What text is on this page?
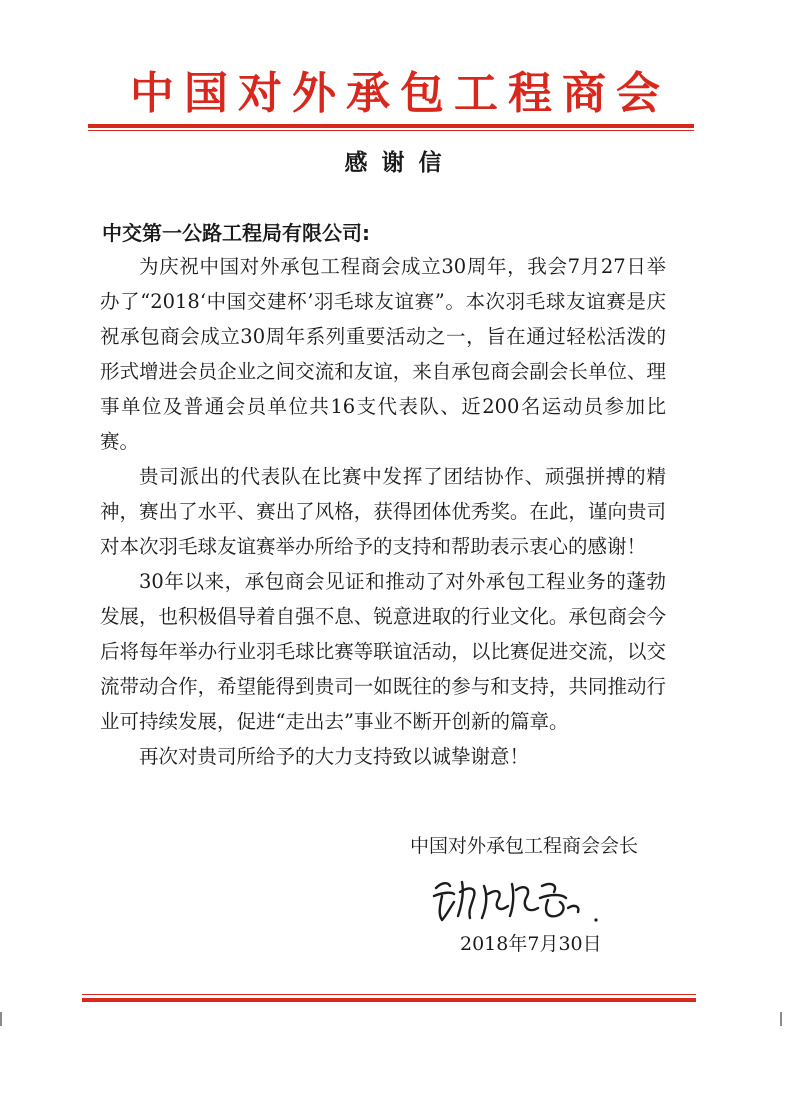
中国对外承包工程商会
感谢信
中交第一公路工程局有限公司:

为庆祝中国对外承包工程商会成立30周年，我会7月27日举办了“2018‘中国交建杯’羽毛球友谊赛”。本次羽毛球友谊赛是庆祝承包商会成立30周年系列重要活动之一，旨在通过轻松活泼的形式增进会员企业之间交流和友谊，来自承包商会副会长单位、理事单位及普通会员单位共16支代表队、近200名运动员参加比赛。

贵司派出的代表队在比赛中发挥了团结协作、顽强拼搏的精神，赛出了水平、赛出了风格，获得团体优秀奖。在此，谨向贵司对本次羽毛球友谊赛举办所给予的支持和帮助表示衷心的感谢！

30年以来，承包商会见证和推动了对外承包工程业务的蓬勃发展，也积极倡导着自强不息、锐意进取的行业文化。承包商会今后将每年举办行业羽毛球比赛等联谊活动，以比赛促进交流，以交流带动合作，希望能得到贵司一如既往的参与和支持，共同推动行业可持续发展，促进“走出去”事业不断开创新的篇章。

再次对贵司所给予的大力支持致以诚挚谢意！

中国对外承包工程商会会长
2018年7月30日
